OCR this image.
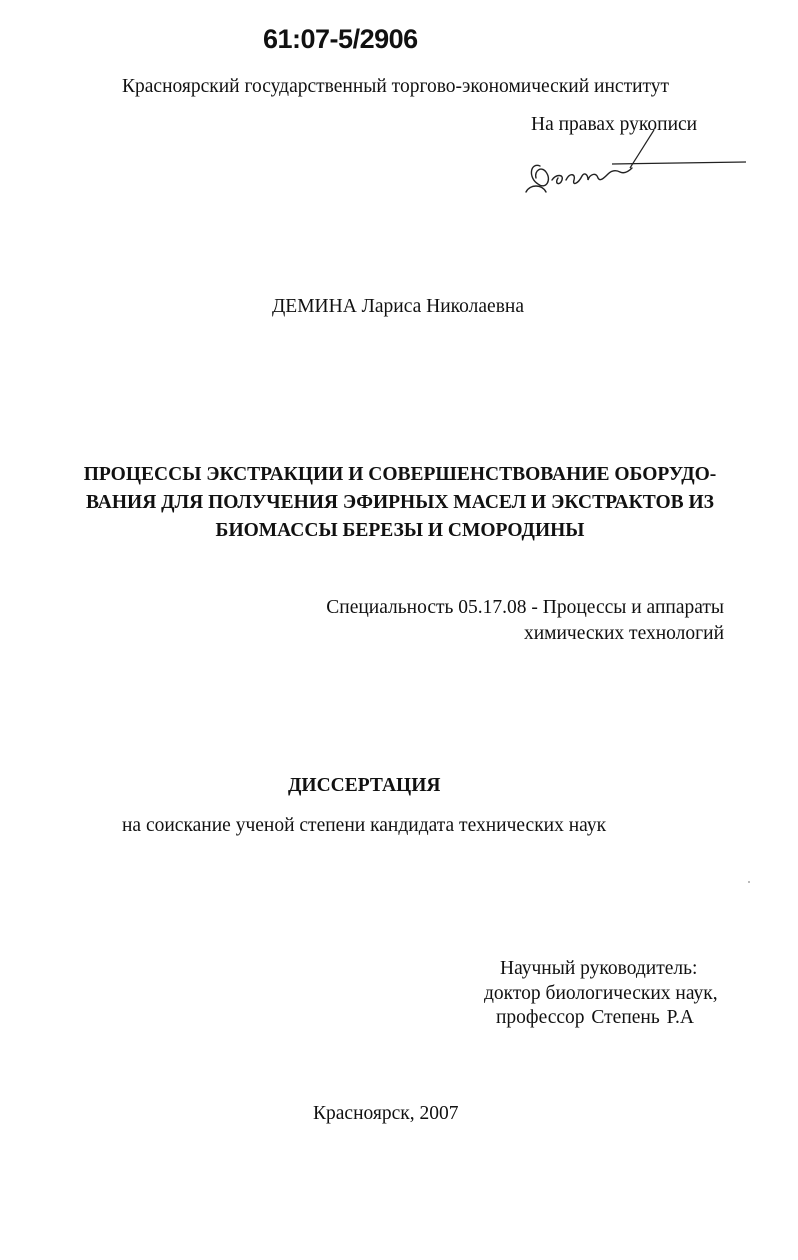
61:07-5/2906
Красноярский государственный торгово-экономический институт
На правах рукописи
ДЕМИНА Лариса Николаевна
ПРОЦЕССЫ ЭКСТРАКЦИИ И СОВЕРШЕНСТВОВАНИЕ ОБОРУДО-
ВАНИЯ ДЛЯ ПОЛУЧЕНИЯ ЭФИРНЫХ МАСЕЛ И ЭКСТРАКТОВ ИЗ
БИОМАССЫ БЕРЕЗЫ И СМОРОДИНЫ
Специальность 05.17.08 - Процессы и аппараты
химических технологий
ДИССЕРТАЦИЯ
на соискание ученой степени кандидата технических наук
Научный руководитель:
доктор биологических наук,
профессор Степень Р.А
Красноярск, 2007
